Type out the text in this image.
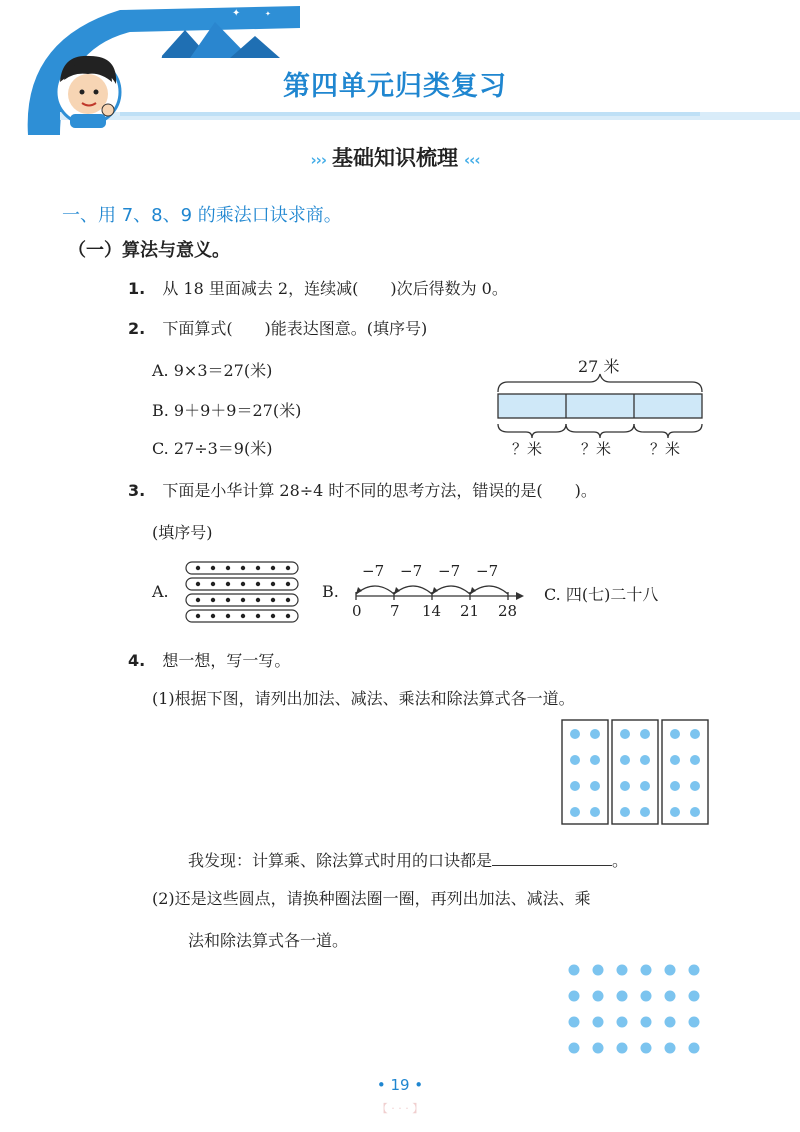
✦	✦
第四单元归类复习
››› 基础知识梳理 ‹‹‹
一、用 7、8、9 的乘法口诀求商。
（一）算法与意义。
1. 从 18 里面减去 2，连续减(　　)次后得数为 0。
2. 下面算式(　　)能表达图意。(填序号)
A. 9×3＝27(米)
B. 9＋9＋9＝27(米)
C. 27÷3＝9(米)
27 米
？米	？米	？米
3. 下面是小华计算 28÷4 时不同的思考方法，错误的是(　　)。
(填序号)
A.	B.
−7 −7 −7 −7
0 7 14 21 28
C. 四(七)二十八
4. 想一想，写一写。
(1)根据下图，请列出加法、减法、乘法和除法算式各一道。
我发现：计算乘、除法算式时用的口诀都是	。
(2)还是这些圆点，请换种圈法圈一圈，再列出加法、减法、乘
法和除法算式各一道。
• 19 •
【 · · · 】
